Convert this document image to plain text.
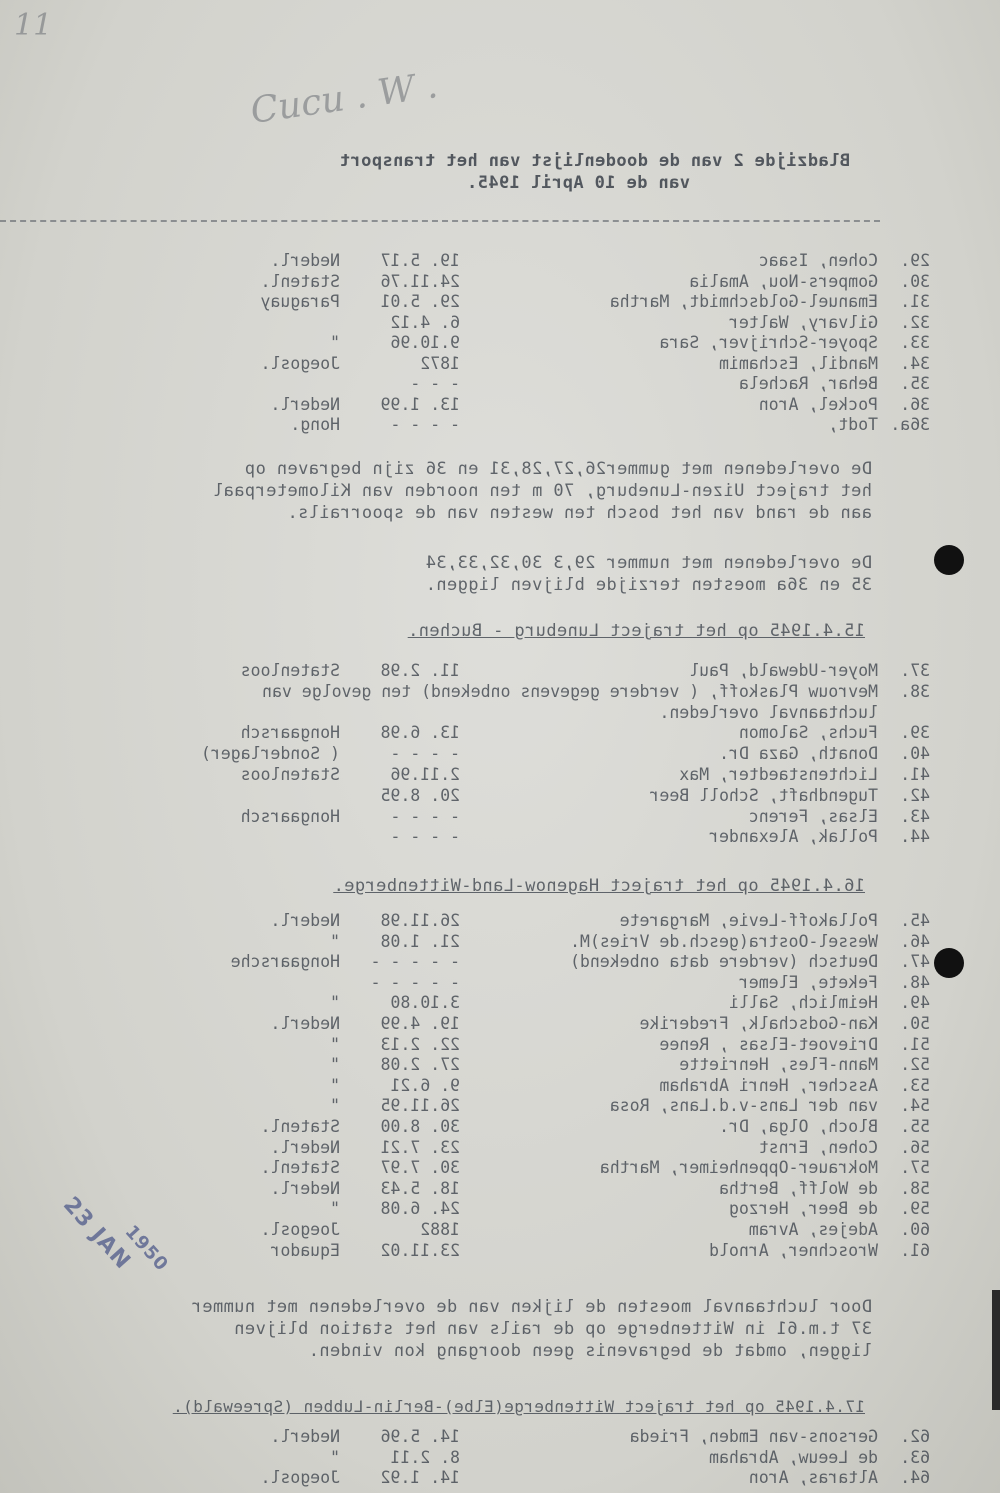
11
Cucu . W .
Bladzijde 2 van de doodenlijst van het transport
van de 10 April 1945.
29.
Cohen, Isaac
19. 5.17
Nederl.
30.
Gompers-Nou, Amalia
24.11.76
Statenl.
31.
Emanuel-Goldschmidt, Martha
29. 5.01
Paraguay
32.
Gilvary, Walter
6. 4.12
33.
Spoyer-Schrijver, Sara
9.10.96
"
34.
Mandil, Eschamim
1872
Joegosl.
35.
Behar, Rachela
- - -
36.
Pockel, Aron
13. 1.99
Nederl.
36a.
Todt,
- - - -
Hong.
De overledenen met gummer26,27,28,31 en 36 zijn begraven op
het traject Uizen-Luneburg, 70 m ten noorden van Kilometerpaal
aan de rand van het bosch ten westen van de spoorrails.
De overledenen met nummer 29,3 30,32,33,34
35 en 36a moesten terzijde blijven liggen.
15.4.1945 op het traject Luneburg - Buchen.
37.
Moyer-Udewald, Paul
11. 2.98
Statenloos
38.
Mevrouw Plaskoff, ( verdere gegevens onbekend) ten gevolge van
luchtaanval overleden.
39.
Fuchs, Salomon
13. 6.98
Hongaarsch
40.
Donath, Gaza Dr.
- - - -
( Sonderlager)
41.
Lichtenstaedter, Max
2.11.96
Statenloos
42.
Tugendhaft, Scholl Beer
20. 8.95
43.
Elsas, Ferenc
- - - -
Hongaarsch
44.
Pollak, Alexander
- - - -
16.4.1945 op het traject Hagenow-Land-Wittenberge.
45.
Pollakoff-Levie, Margarete
26.11.98
Nederl.
46.
Wessel-Oostra(gesch.de Vries)M.
21. 1.08
"
47.
Deutsch (verdere data onbekend)
- - - - -
Hongaarsche
48.
Fekete, Elemer
- - - - -
49.
Heimlich, Salli
3.10.80
"
50.
Kan-Godschalk, Frederike
19. 4.99
Nederl.
51.
Drievoet-Elsas , Renee
22. 2.13
"
52.
Mann-Fles, Henriette
27. 2.08
"
53.
Asscher, Henri Abraham
9. 6.21
"
54.
van der Lans-v.d.Lans, Rosa
26.11.95
"
55.
Bloch, Olga, Dr.
30. 8.00
Statenl.
56.
Cohen, Ernst
23. 7.21
Nederl.
57.
Mokrauer-Oppenheimer, Martha
30. 7.97
Statenl.
58.
de Wolff, Bertha
18. 5.43
Nederl.
59.
de Beer, Herzog
24. 6.08
"
60.
Adejes, Avram
1882
Joegosl.
61.
Wroschner, Arnold
23.11.02
Equador
Door luchtaanval moesten de lijken van de overledenen met nummer
37 t.m.61 in Wittenberge op de rails van het station blijven
liggen, omdat de begravenis geen doorgang kon vinden.
17.4.1945 op het traject Wittenberge(Elbe)-Berlin-Lubben (Spreewald).
62.
Gersons-van Emden, Frieda
14. 5.96
Nederl.
63.
de Leeuw, Abraham
8. 2.11
"
64.
Altaras, Aron
14. 1.92
Joegosl.

23 JAN

1950
